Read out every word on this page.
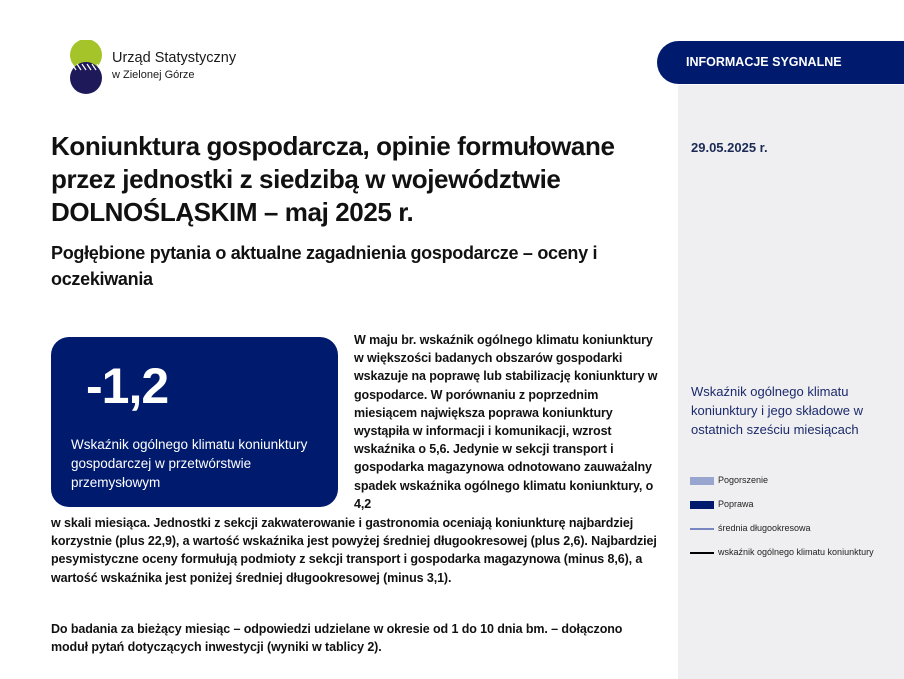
Urząd Statystyczny
w Zielonej Górze
INFORMACJE SYGNALNE
29.05.2025 r.
Koniunktura gospodarcza, opinie formułowane przez jednostki z siedzibą w województwie DOLNOŚLĄSKIM – maj 2025 r.
Pogłębione pytania o aktualne zagadnienia gospodarcze – oceny i oczekiwania
-1,2
Wskaźnik ogólnego klimatu koniunktury gospodarczej w przetwórstwie przemysłowym
W maju br. wskaźnik ogólnego klimatu koniunktury w większości badanych obszarów gospodarki wskazuje na poprawę lub stabilizację koniunktury w gospodarce. W porównaniu z poprzednim miesiącem największa poprawa koniunktury wystąpiła w informacji i komunikacji, wzrost wskaźnika o 5,6. Jedynie w sekcji transport i gospodarka magazynowa odnotowano zauważalny spadek wskaźnika ogólnego klimatu koniunktury, o 4,2
w skali miesiąca. Jednostki z sekcji zakwaterowanie i gastronomia oceniają koniunkturę najbardziej korzystnie (plus 22,9), a wartość wskaźnika jest powyżej średniej długookresowej (plus 2,6). Najbardziej pesymistyczne oceny formułują podmioty z sekcji transport i gospodarka magazynowa (minus 8,6), a wartość wskaźnika jest poniżej średniej długookresowej (minus 3,1).
Do badania za bieżący miesiąc – odpowiedzi udzielane w okresie od 1 do 10 dnia bm. – dołączono moduł pytań dotyczących inwestycji (wyniki w tablicy 2).
Wskaźnik ogólnego klimatu koniunktury i jego składowe w ostatnich sześciu miesiącach
Pogorszenie
Poprawa
średnia długookresowa
wskaźnik ogólnego klimatu koniunktury
